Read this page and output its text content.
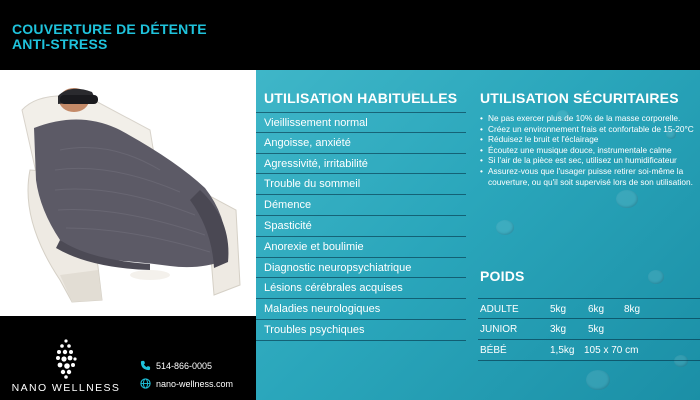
COUVERTURE DE DÉTENTE
ANTI-STRESS
NANO WELLNESS
514-866-0005
nano-wellness.com
UTILISATION HABITUELLES
Vieillissement normal
Angoisse, anxiété
Agressivité, irritabilité
Trouble du sommeil
Démence
Spasticité
Anorexie et boulimie
Diagnostic neuropsychiatrique
Lésions cérébrales acquises
Maladies neurologiques
Troubles psychiques
UTILISATION SÉCURITAIRES
• Ne pas exercer plus de 10% de la masse corporelle.
• Créez un environnement frais et confortable de 15-20°C
• Réduisez le bruit et l'éclairage
• Écoutez une musique douce, instrumentale calme
• Si l'air de la pièce est sec, utilisez un humidificateur
• Assurez-vous que l'usager puisse retirer soi-même la couverture, ou qu'il soit supervisé lors de son utilisation.
POIDS
ADULTE	5kg 6kg 8kg
JUNIOR	3kg 5kg
BÉBÉ	1,5kg 105 x 70 cm
